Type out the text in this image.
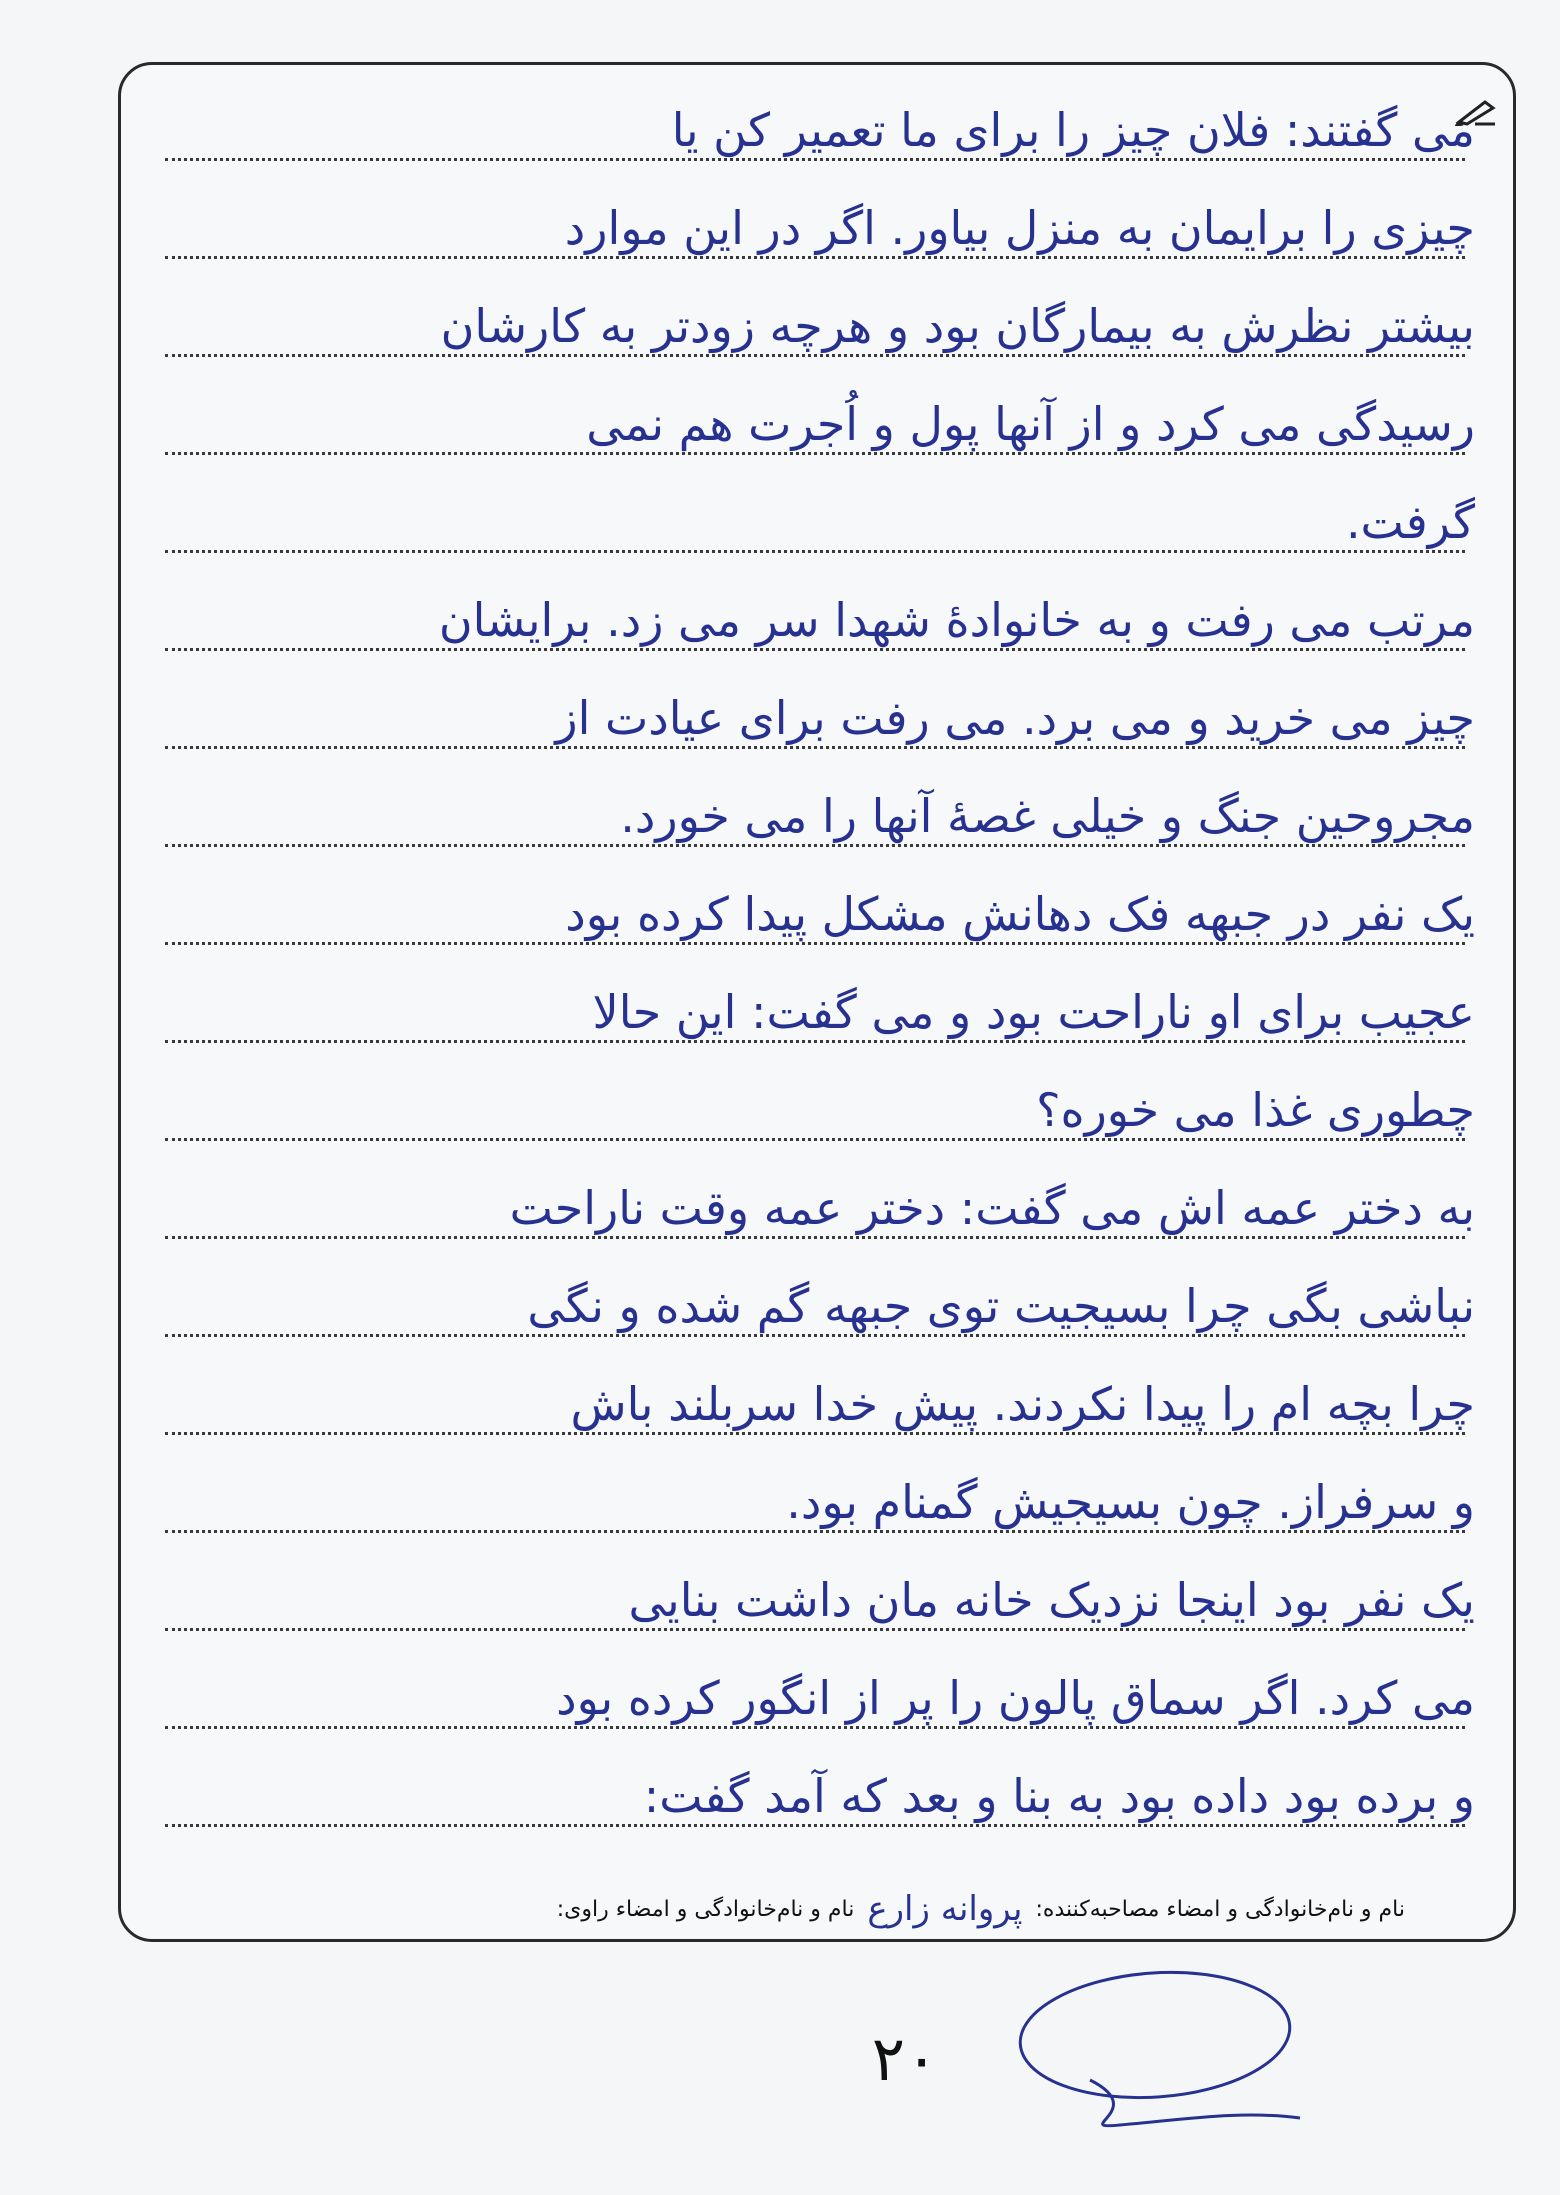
می گفتند: فلان چیز را برای ما تعمیر کن یا
چیزی را برایمان به منزل بیاور. اگر در این موارد
بیشتر نظرش به بیمارگان بود و هرچه زودتر به کارشان
رسیدگی می کرد و از آنها پول و اُجرت هم نمی
گرفت.
مرتب می رفت و به خانوادهٔ شهدا سر می زد. برایشان
چیز می خرید و می برد. می رفت برای عیادت از
مجروحین جنگ و خیلی غصهٔ آنها را می خورد.
یک نفر در جبهه فک دهانش مشکل پیدا کرده بود
عجیب برای او ناراحت بود و می گفت: این حالا
چطوری غذا می خوره؟
به دختر عمه اش می گفت: دختر عمه وقت ناراحت
نباشی بگی چرا بسیجیت توی جبهه گم شده و نگی
چرا بچه ام را پیدا نکردند. پیش خدا سربلند باش
و سرفراز. چون بسیجیش گمنام بود.
یک نفر بود اینجا نزدیک خانه مان داشت بنایی
می کرد. اگر سماق پالون را پر از انگور کرده بود
و برده بود داده بود به بنا و بعد که آمد گفت:
نام و نام‌خانوادگی و امضاء مصاحبه‌کننده: پروانه زارع نام و نام‌خانوادگی و امضاء راوی:
۲۰
